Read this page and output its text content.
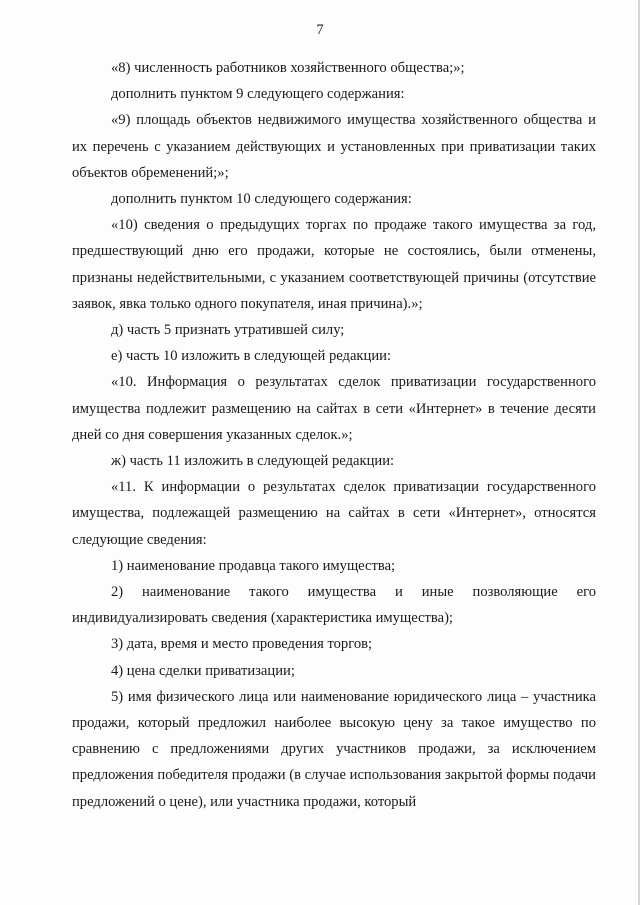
7

«8) численность работников хозяйственного общества;»;

дополнить пунктом 9 следующего содержания:

«9) площадь объектов недвижимого имущества хозяйственного общества и их перечень с указанием действующих и установленных при приватизации таких объектов обременений;»;

дополнить пунктом 10 следующего содержания:

«10) сведения о предыдущих торгах по продаже такого имущества за год, предшествующий дню его продажи, которые не состоялись, были отменены, признаны недействительными, с указанием соответствующей причины (отсутствие заявок, явка только одного покупателя, иная причина).»;

д) часть 5 признать утратившей силу;

е) часть 10 изложить в следующей редакции:

«10. Информация о результатах сделок приватизации государственного имущества подлежит размещению на сайтах в сети «Интернет» в течение десяти дней со дня совершения указанных сделок.»;

ж) часть 11 изложить в следующей редакции:

«11. К информации о результатах сделок приватизации государственного имущества, подлежащей размещению на сайтах в сети «Интернет», относятся следующие сведения:

1) наименование продавца такого имущества;

2) наименование такого имущества и иные позволяющие его индивидуализировать сведения (характеристика имущества);

3) дата, время и место проведения торгов;

4) цена сделки приватизации;

5) имя физического лица или наименование юридического лица – участника продажи, который предложил наиболее высокую цену за такое имущество по сравнению с предложениями других участников продажи, за исключением предложения победителя продажи (в случае использования закрытой формы подачи предложений о цене), или участника продажи, который
